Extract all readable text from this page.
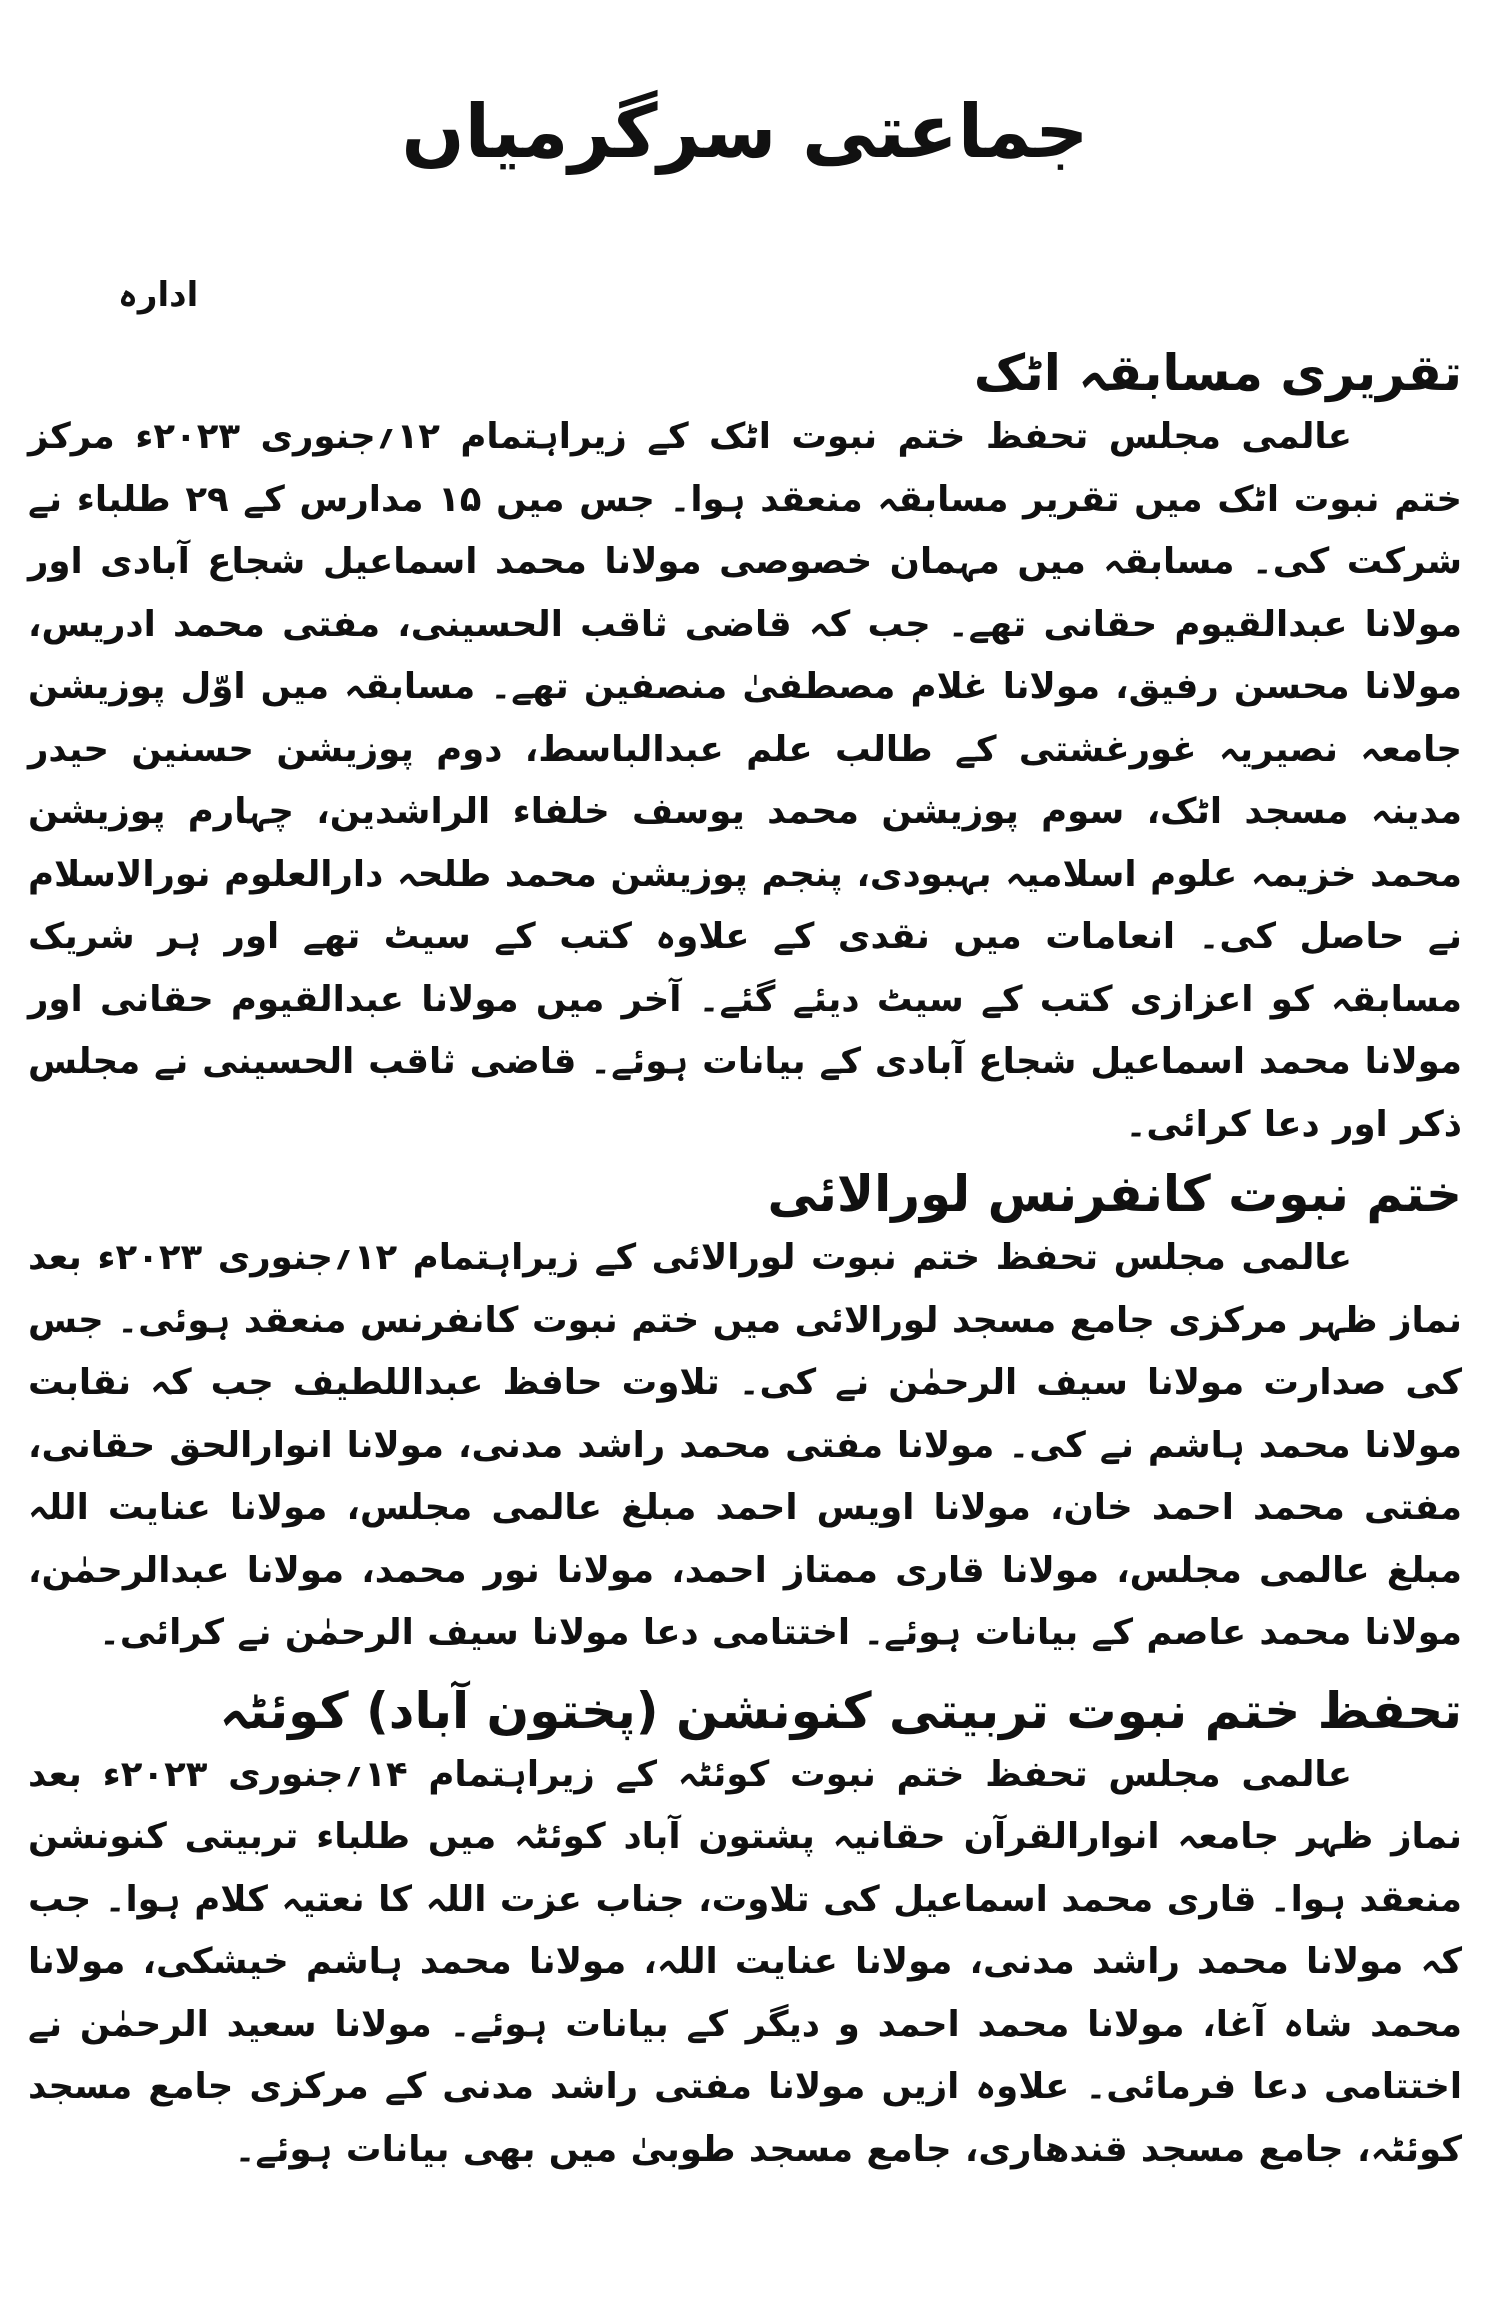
جماعتی سرگرمیاں
ادارہ
تقریری مسابقہ اٹک

عالمی مجلس تحفظ ختم نبوت اٹک کے زیراہتمام ۱۲؍جنوری ۲۰۲۳ء مرکز ختم نبوت اٹک میں تقریر مسابقہ منعقد ہوا۔ جس میں ۱۵ مدارس کے ۲۹ طلباء نے شرکت کی۔ مسابقہ میں مہمان خصوصی مولانا محمد اسماعیل شجاع آبادی اور مولانا عبدالقیوم حقانی تھے۔ جب کہ قاضی ثاقب الحسینی، مفتی محمد ادریس، مولانا محسن رفیق، مولانا غلام مصطفیٰ منصفین تھے۔ مسابقہ میں اوّل پوزیشن جامعہ نصیریہ غورغشتی کے طالب علم عبدالباسط، دوم پوزیشن حسنین حیدر مدینہ مسجد اٹک، سوم پوزیشن محمد یوسف خلفاء الراشدین، چہارم پوزیشن محمد خزیمہ علوم اسلامیہ بہبودی، پنجم پوزیشن محمد طلحہ دارالعلوم نورالاسلام نے حاصل کی۔ انعامات میں نقدی کے علاوہ کتب کے سیٹ تھے اور ہر شریک مسابقہ کو اعزازی کتب کے سیٹ دیئے گئے۔ آخر میں مولانا عبدالقیوم حقانی اور مولانا محمد اسماعیل شجاع آبادی کے بیانات ہوئے۔ قاضی ثاقب الحسینی نے مجلس ذکر اور دعا کرائی۔

ختم نبوت کانفرنس لورالائی

عالمی مجلس تحفظ ختم نبوت لورالائی کے زیراہتمام ۱۲؍جنوری ۲۰۲۳ء بعد نماز ظہر مرکزی جامع مسجد لورالائی میں ختم نبوت کانفرنس منعقد ہوئی۔ جس کی صدارت مولانا سیف الرحمٰن نے کی۔ تلاوت حافظ عبداللطیف جب کہ نقابت مولانا محمد ہاشم نے کی۔ مولانا مفتی محمد راشد مدنی، مولانا انوارالحق حقانی، مفتی محمد احمد خان، مولانا اویس احمد مبلغ عالمی مجلس، مولانا عنایت اللہ مبلغ عالمی مجلس، مولانا قاری ممتاز احمد، مولانا نور محمد، مولانا عبدالرحمٰن، مولانا محمد عاصم کے بیانات ہوئے۔ اختتامی دعا مولانا سیف الرحمٰن نے کرائی۔

تحفظ ختم نبوت تربیتی کنونشن (پختون آباد) کوئٹہ

عالمی مجلس تحفظ ختم نبوت کوئٹہ کے زیراہتمام ۱۴؍جنوری ۲۰۲۳ء بعد نماز ظہر جامعہ انوارالقرآن حقانیہ پشتون آباد کوئٹہ میں طلباء تربیتی کنونشن منعقد ہوا۔ قاری محمد اسماعیل کی تلاوت، جناب عزت اللہ کا نعتیہ کلام ہوا۔ جب کہ مولانا محمد راشد مدنی، مولانا عنایت اللہ، مولانا محمد ہاشم خیشکی، مولانا محمد شاہ آغا، مولانا محمد احمد و دیگر کے بیانات ہوئے۔ مولانا سعید الرحمٰن نے اختتامی دعا فرمائی۔ علاوہ ازیں مولانا مفتی راشد مدنی کے مرکزی جامع مسجد کوئٹہ، جامع مسجد قندھاری، جامع مسجد طوبیٰ میں بھی بیانات ہوئے۔
